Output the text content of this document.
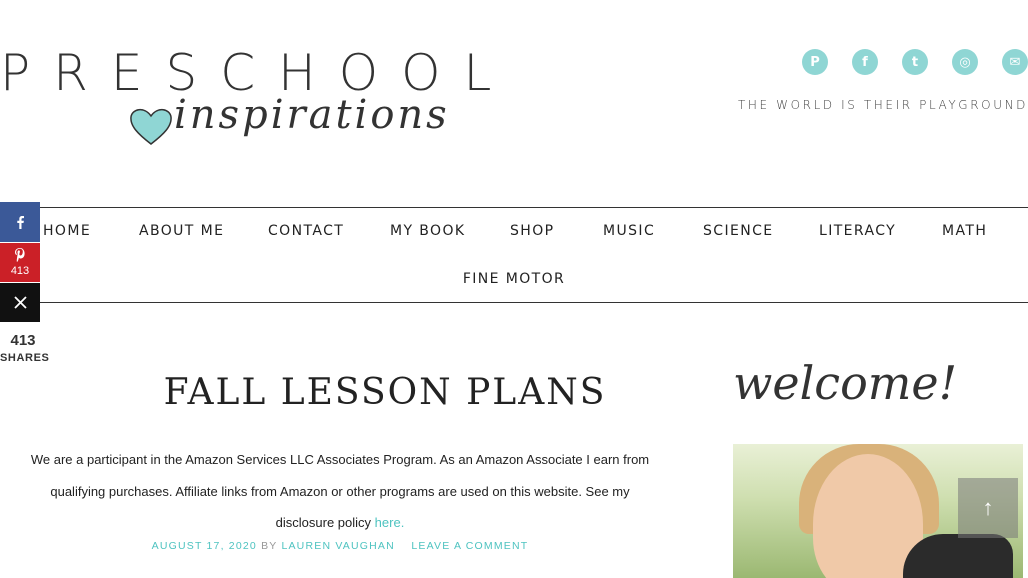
PRESCHOOL
inspirations
P	f	t	◎	✉
THE WORLD IS THEIR PLAYGROUND
HOME	ABOUT ME	CONTACT	MY BOOK	SHOP	MUSIC	SCIENCE	LITERACY	MATH
FINE MOTOR
413
413
SHARES
FALL LESSON PLANS
We are a participant in the Amazon Services LLC Associates Program. As an Amazon Associate I earn from qualifying purchases. Affiliate links from Amazon or other programs are used on this website. See my disclosure policy here.
AUGUST 17, 2020 BY LAUREN VAUGHAN LEAVE A COMMENT
welcome!
↑
